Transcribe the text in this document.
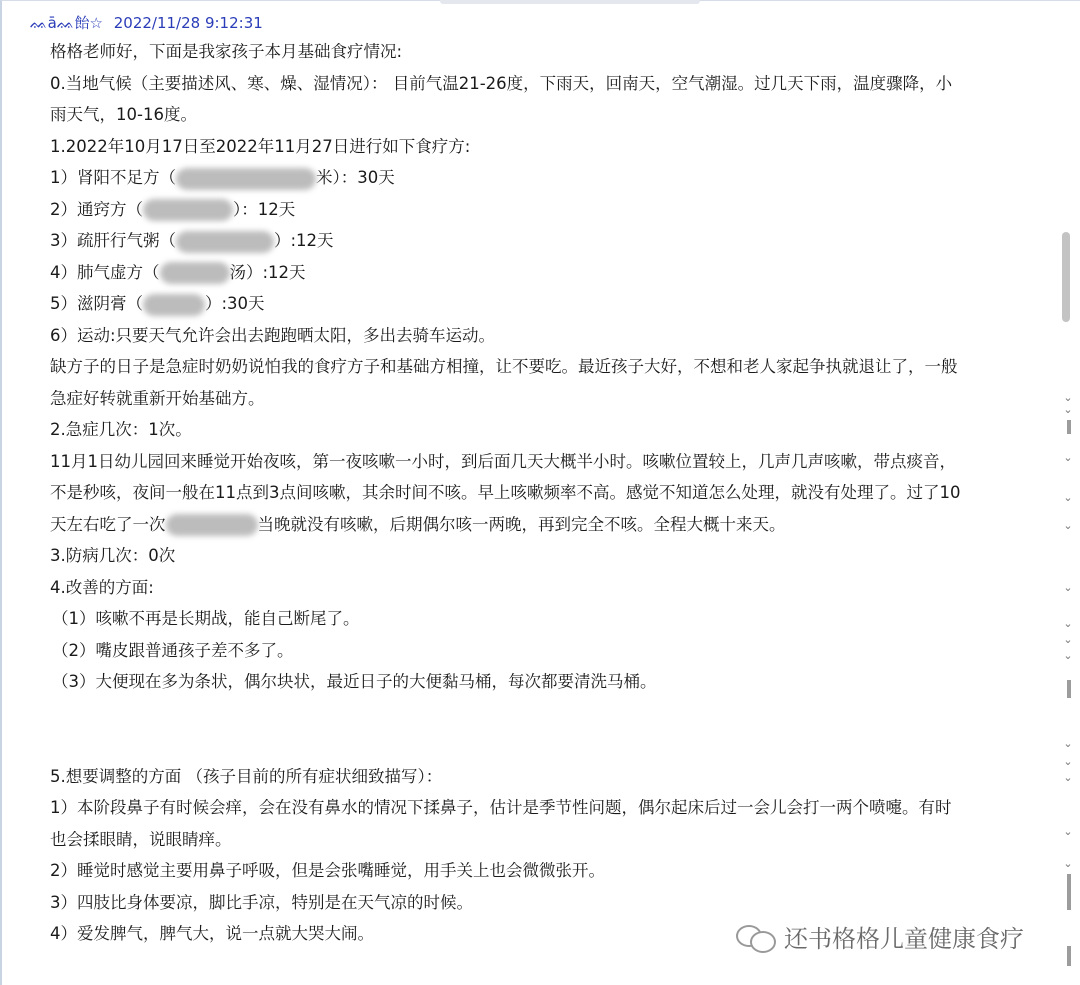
ᨐāᨐ飴☆ 2022/11/28 9:12:31
格格老师好，下面是我家孩子本月基础食疗情况:
0.当地气候（主要描述风、寒、燥、湿情况）： 目前气温21-26度，下雨天，回南天，空气潮湿。过几天下雨，温度骤降，小
雨天气，10-16度。
1.2022年10月17日至2022年11月27日进行如下食疗方:
1）肾阳不足方（	米）：30天
2）通窍方（	）：12天
3）疏肝行气粥（	）:12天
4）肺气虚方（	汤）:12天
5）滋阴膏（	）:30天
6）运动:只要天气允许会出去跑跑晒太阳，多出去骑车运动。
缺方子的日子是急症时奶奶说怕我的食疗方子和基础方相撞，让不要吃。最近孩子大好，不想和老人家起争执就退让了，一般
急症好转就重新开始基础方。
2.急症几次：1次。
11月1日幼儿园回来睡觉开始夜咳，第一夜咳嗽一小时，到后面几天大概半小时。咳嗽位置较上，几声几声咳嗽，带点痰音，
不是秒咳，夜间一般在11点到3点间咳嗽，其余时间不咳。早上咳嗽频率不高。感觉不知道怎么处理，就没有处理了。过了10
天左右吃了一次	当晚就没有咳嗽，后期偶尔咳一两晚，再到完全不咳。全程大概十来天。
3.防病几次：0次
4.改善的方面:
（1）咳嗽不再是长期战，能自己断尾了。
（2）嘴皮跟普通孩子差不多了。
（3）大便现在多为条状，偶尔块状，最近日子的大便黏马桶，每次都要清洗马桶。
5.想要调整的方面 （孩子目前的所有症状细致描写）：
1）本阶段鼻子有时候会痒，会在没有鼻水的情况下揉鼻子，估计是季节性问题，偶尔起床后过一会儿会打一两个喷嚏。有时
也会揉眼睛，说眼睛痒。
2）睡觉时感觉主要用鼻子呼吸，但是会张嘴睡觉，用手关上也会微微张开。
3）四肢比身体要凉，脚比手凉，特别是在天气凉的时候。
4）爱发脾气，脾气大，说一点就大哭大闹。
⌄
⌄
⌄
⌄
⌄
⌄
⌄
⌄
⌄
⌄
⌄
⌄
⌄
⌄
还书格格儿童健康食疗
